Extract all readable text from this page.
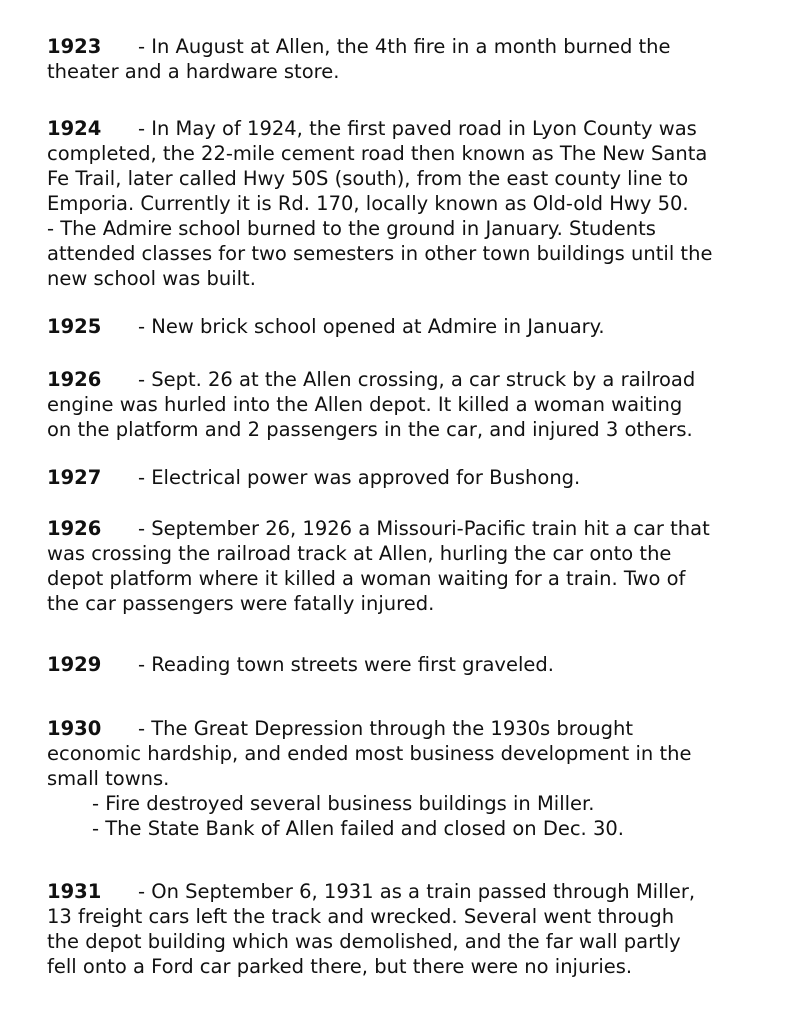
1923 - In August at Allen, the 4th fire in a month burned the
theater and a hardware store.

1924 - In May of 1924, the first paved road in Lyon County was
completed, the 22-mile cement road then known as The New Santa
Fe Trail, later called Hwy 50S (south), from the east county line to
Emporia. Currently it is Rd. 170, locally known as Old-old Hwy 50.
- The Admire school burned to the ground in January. Students
attended classes for two semesters in other town buildings until the
new school was built.

1925 - New brick school opened at Admire in January.

1926 - Sept. 26 at the Allen crossing, a car struck by a railroad
engine was hurled into the Allen depot. It killed a woman waiting
on the platform and 2 passengers in the car, and injured 3 others.

1927 - Electrical power was approved for Bushong.

1926 - September 26, 1926 a Missouri-Pacific train hit a car that
was crossing the railroad track at Allen, hurling the car onto the
depot platform where it killed a woman waiting for a train. Two of
the car passengers were fatally injured.

1929 - Reading town streets were first graveled.

1930 - The Great Depression through the 1930s brought
economic hardship, and ended most business development in the
small towns.
- Fire destroyed several business buildings in Miller.
- The State Bank of Allen failed and closed on Dec. 30.

1931 - On September 6, 1931 as a train passed through Miller,
13 freight cars left the track and wrecked. Several went through
the depot building which was demolished, and the far wall partly
fell onto a Ford car parked there, but there were no injuries.
